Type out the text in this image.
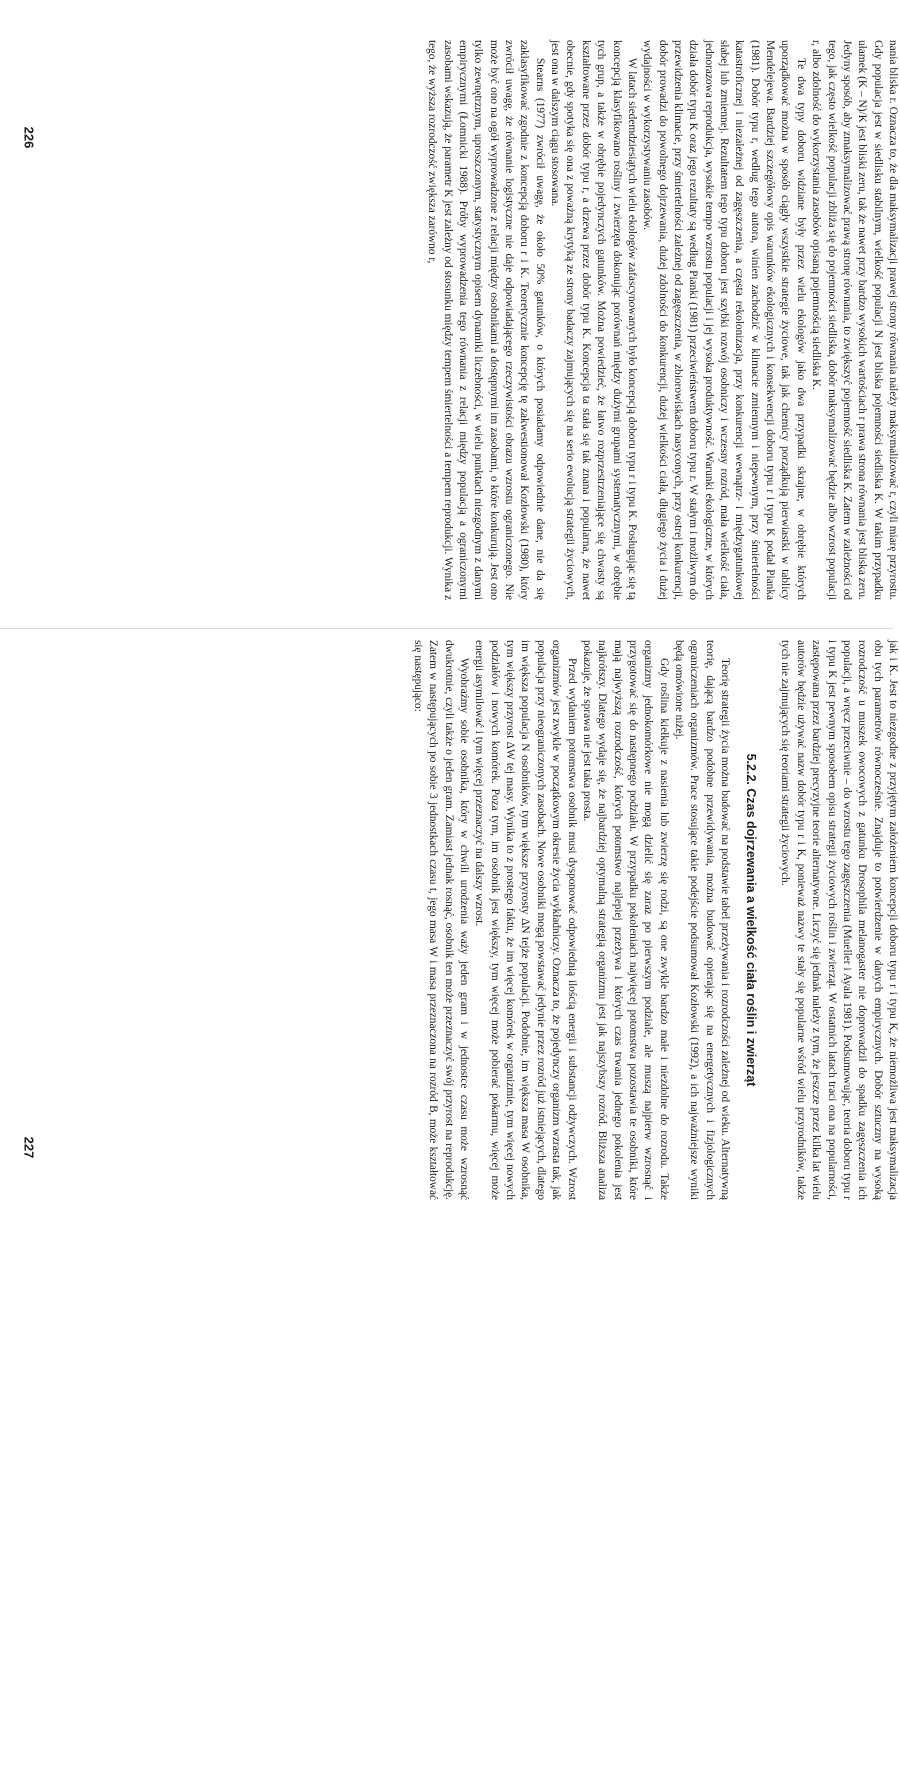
nania bliska r. Oznacza to, że dla maksymalizacji prawej strony równania należy maksymalizować r, czyli miarę przyrostu. Gdy populacja jest w siedlisku stabilnym, wielkość populacji N jest bliska pojemności siedliska K. W takim przypadku ułamek (K – N)/K jest bliski zeru, tak że nawet przy bardzo wysokich wartościach r prawa strona równania jest bliska zeru. Jedyny sposób, aby zmaksymalizować prawą stronę równania, to zwiększyć pojemność siedliska K. Zatem w zależności od tego, jak często wielkość populacji zbliża się do pojemności siedliska, dobór maksymalizować będzie albo wzrost populacji r, albo zdolność do wykorzystania zasobów opisaną pojemnością siedliska K.

Te dwa typy doboru widziane były przez wielu ekologów jako dwa przypadki skrajne, w obrębie których uporządkować można w sposób ciągły wszystkie strategie życiowe, tak jak chemicy porządkują pierwiastki w tablicy Mendelejewa. Bardziej szczegółowy opis warunków ekologicznych i konsekwencji doboru typu r i typu K podał Pianka (1981). Dobór typu r, według tego autora, winien zachodzić w klimacie zmiennym i niepewnym, przy śmiertelności katastroficznej i niezależnej od zagęszczenia, a częsta rekolonizacja, przy konkurencji wewnątrz- i międzygatunkowej słabej lub zmiennej. Rezultatem tego typu doboru jest szybki rozwój osobniczy i wczesny rozród, mała wielkość ciała, jednorazowa reprodukcja, wysokie tempo wzrostu populacji i jej wysoka produktywność. Warunki ekologiczne, w których działa dobór typu K oraz jego rezultaty są według Pianki (1981) przeciwieństwem doboru typu r. W stałym i możliwym do przewidzenia klimacie, przy śmiertelności zależnej od zagęszczenia, w zbiorowiskach nasyconych, przy ostrej konkurencji, dobór prowadzi do powolnego dojrzewania, dużej zdolności do konkurencji, dużej wielkości ciała, długiego życia i dużej wydajności w wykorzystywaniu zasobów.

W latach siedemdziesiątych wielu ekologów zafascynowanych było koncepcją doboru typu r i typu K. Posługując się tą koncepcją klasyfikowano rośliny i zwierzęta dokonując porównań między dużymi grupami systematycznymi, w obrębie tych grup, a także w obrębie pojedynczych gatunków. Można powiedzieć, że łatwo rozprzestrzeniające się chwasty są kształtowane przez dobór typu r, a drzewa przez dobór typu K. Koncepcja ta stała się tak znana i popularna, że nawet obecnie, gdy spotyka się ona z poważną krytyką ze strony badaczy zajmujących się na serio ewolucją strategii życiowych, jest ona w dalszym ciągu stosowana.

Stearns (1977) zwrócił uwagę, że około 50% gatunków, o których posiadamy odpowiednie dane, nie da się zaklasyfikować zgodnie z koncepcją doboru r i K. Teoretycznie koncepcję tę zakwestionował Kozłowski (1980), który zwrócił uwagę, że równanie logistyczne nie daje odpowiadającego rzeczywistości obrazu wzrostu ograniczonego. Nie może być ono na ogół wyprowadzone z relacji między osobnikami a dostępnymi im zasobami, o które konkurują. Jest ono tylko zewnętrznym, uproszczonym, statystycznym opisem dynamiki liczebności, w wielu punktach niezgodnym z danymi empirycznymi (Łomnicki 1988). Próby wyprowadzenia tego równania z relacji między populacją a ograniczonymi zasobami wskazują, że parametr K jest zależny od stosunku między tempem śmiertelności a tempem reprodukcji. Wynika z tego, że wyższa rozrodczość zwiększa zarówno r,

226

jak i K. Jest to niezgodne z przyjętym założeniem koncepcji doboru typu r i typu K, że niemożliwa jest maksymalizacja obu tych parametrów równocześnie. Znajduje to potwierdzenie w danych empirycznych. Dobór sztuczny na wysoką rozrodczość u muszek owocowych z gatunku Drosophila melanogaster nie doprowadził do spadku zagęszczenia ich populacji, a wręcz przeciwnie – do wzrostu tego zagęszczenia (Mueller i Ayala 1981). Podsumowując, teoria doboru typu r i typu K jest pewnym sposobem opisu strategii życiowych roślin i zwierząt. W ostatnich latach traci ona na popularności, zastępowana przez bardziej precyzyjne teorie alternatywne. Liczyć się jednak należy z tym, że jeszcze przez kilka lat wielu autorów będzie używać nazw dobór typu r i K, ponieważ nazwy te stały się popularne wśród wielu przyrodników, także tych nie zajmujących się teoriami strategii życiowych.

5.2.2. Czas dojrzewania a wielkość ciała roślin i zwierząt

Teorię strategii życia można budować na podstawie tabel przeżywania i rozrodczości zależnej od wieku. Alternatywną teorię, dającą bardzo podobne przewidywania, można budować opierając się na energetycznych i fizjologicznych ograniczeniach organizmów. Prace stosujące takie podejście podsumował Kozłowski (1992), a ich najważniejsze wyniki będą omówione niżej.

Gdy roślina kiełkuje z nasienia lub zwierzę się rodzi, są one zwykle bardzo małe i niezdolne do rozrodu. Także organizmy jednokomórkowe nie mogą dzielić się zaraz po pierwszym podziale, ale muszą najpierw wzrosnąć i przygotować się do następnego podziału. W przypadku pokoleniach najwięcej potomstwa pozostawia te osobniki, które mają najwyższą rozrodczość, których potomstwo najlepiej przeżywa i których czas trwania jednego pokolenia jest najkrótszy. Dlatego wydaje się, że najbardziej optymalną strategią organizmu jest jak najszybszy rozród. Bliższa analiza pokazuje, że sprawa nie jest taka prosta.

Przed wydaniem potomstwa osobnik musi dysponować odpowiednią ilością energii i substancji odżywczych. Wzrost organizmów jest zwykle w początkowym okresie życia wykładniczy. Oznacza to, że pojedynczy organizm wzrasta tak, jak populacja przy nieograniczonych zasobach. Nowe osobniki mogą powstawać jedynie przez rozród już istniejących, dlatego im większa populacja N osobników, tym większe przyrosty ΔN tejże populacji. Podobnie, im większa masa W osobnika, tym większy przyrost ΔW tej masy. Wynika to z prostego faktu, że im więcej komórek w organizmie, tym więcej nowych podziałów i nowych komórek. Poza tym, im osobnik jest większy, tym więcej może pobierać pokarmu, więcej może energii asymilować i tym więcej przeznaczyć na dalszy wzrost.

Wyobraźmy sobie osobnika, który w chwili urodzenia waży jeden gram i w jednostce czasu może wzrosnąć dwukrotnie, czyli także o jeden gram. Zamiast jednak rosnąć, osobnik ten może przeznaczyć swój przyrost na reprodukcję. Zatem w następujących po sobie 3 jednostkach czasu t, jego masa W i masa przeznaczona na rozród B, może kształtować się następująco:

227
